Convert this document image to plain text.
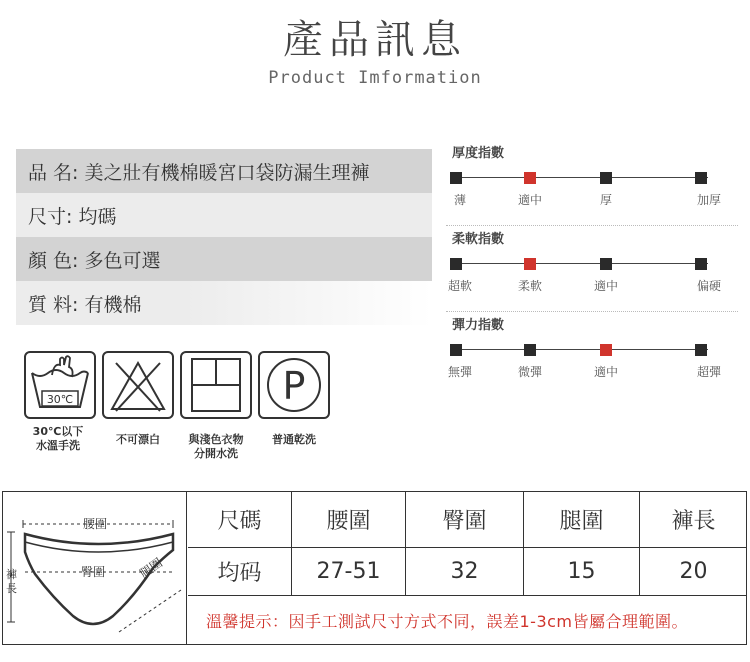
產品訊息
Product Imformation
品 名: 美之壯有機棉暖宮口袋防漏生理褲
尺寸: 均碼
顏 色: 多色可選
質 料: 有機棉
厚度指數
薄	適中	厚	加厚
柔軟指數
超軟	柔軟	適中	偏硬
彈力指數
無彈	微彈	適中	超彈
30℃	P
30℃以下
水溫手洗	不可漂白	與淺色衣物
分開水洗
普通乾洗
腰圍
褲
長
臀圍	腿圍
尺碼	腰圍	臀圍	腿圍	褲長
均码	27-51	32	15	20
溫馨提示：因手工測試尺寸方式不同，誤差1-3cm皆屬合理範圍。
